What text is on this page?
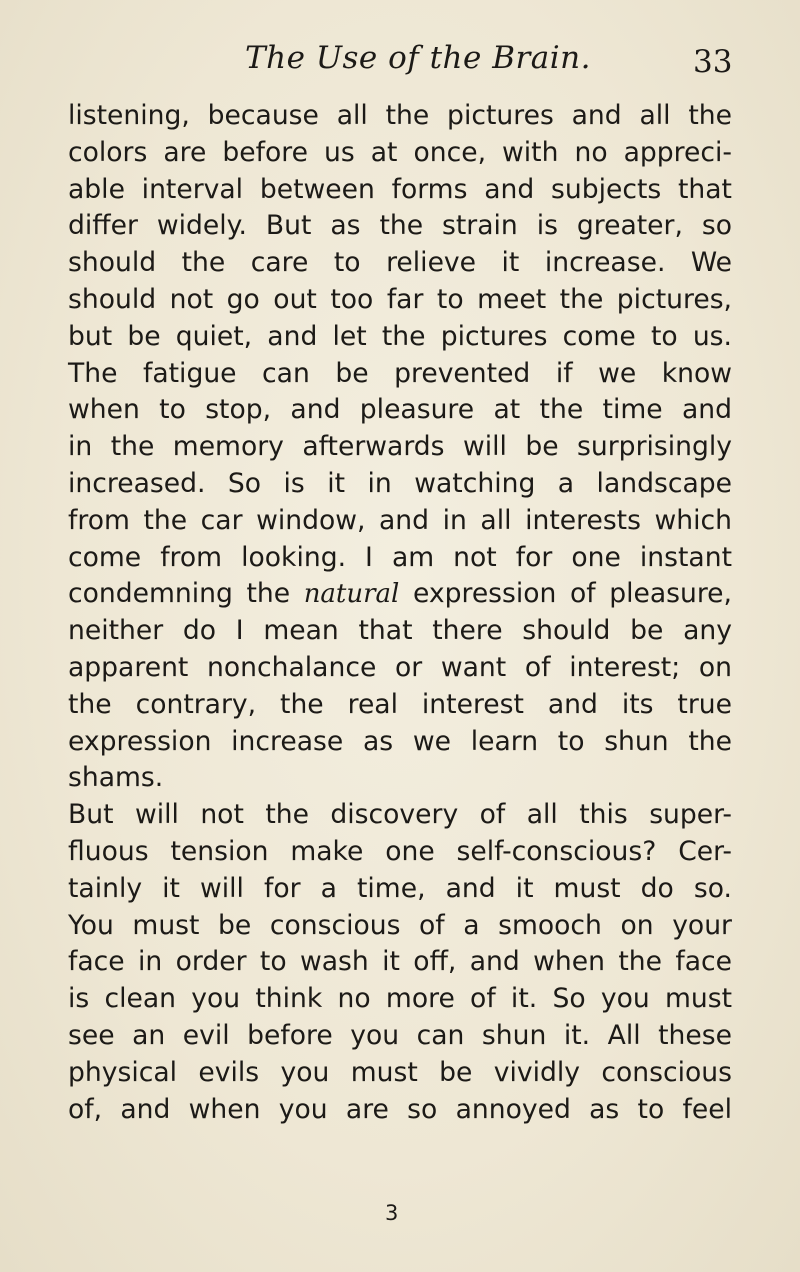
The Use of the Brain.	33
listening, because all the pictures and all the
colors are before us at once, with no appreci-
able interval between forms and subjects that
differ widely. But as the strain is greater, so
should the care to relieve it increase. We
should not go out too far to meet the pictures,
but be quiet, and let the pictures come to us.
The fatigue can be prevented if we know
when to stop, and pleasure at the time and
in the memory afterwards will be surprisingly
increased. So is it in watching a landscape
from the car window, and in all interests which
come from looking. I am not for one instant
condemning the natural expression of pleasure,
neither do I mean that there should be any
apparent nonchalance or want of interest; on
the contrary, the real interest and its true
expression increase as we learn to shun the
shams.
But will not the discovery of all this super-
fluous tension make one self-conscious? Cer-
tainly it will for a time, and it must do so.
You must be conscious of a smooch on your
face in order to wash it off, and when the face
is clean you think no more of it. So you must
see an evil before you can shun it. All these
physical evils you must be vividly conscious
of, and when you are so annoyed as to feel
3
